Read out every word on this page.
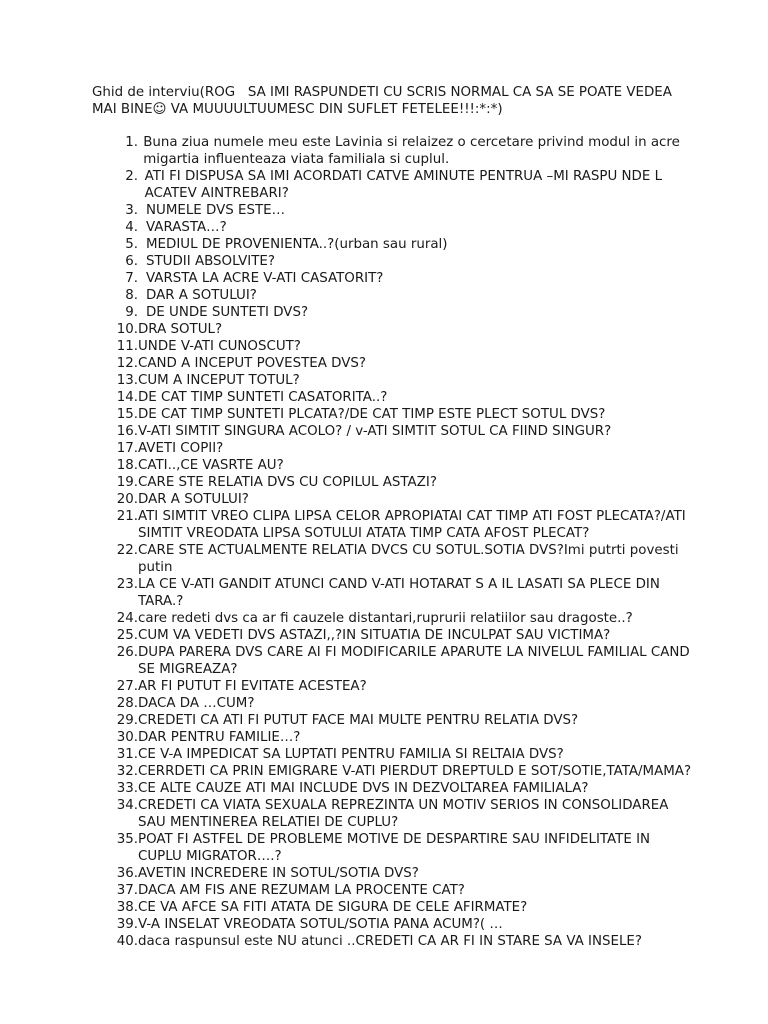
Ghid de interviu(ROG   SA IMI RASPUNDETI CU SCRIS NORMAL CA SA SE POATE VEDEA MAI BINE☺ VA MUUUULTUUMESC DIN SUFLET FETELEE!!!:*:*)

1. Buna ziua numele meu este Lavinia si relaizez o cercetare privind modul in acre migartia influenteaza viata familiala si cuplul.
2. ATI FI DISPUSA SA IMI ACORDATI CATVE AMINUTE PENTRUA –MI RASPU NDE L ACATEV AINTREBARI?
3. NUMELE DVS ESTE…
4. VARASTA…?
5. MEDIUL DE PROVENIENTA..?(urban sau rural)
6. STUDII ABSOLVITE?
7. VARSTA LA ACRE V-ATI CASATORIT?
8. DAR A SOTULUI?
9. DE UNDE SUNTETI DVS?
10. DRA SOTUL?
11. UNDE V-ATI CUNOSCUT?
12. CAND A INCEPUT POVESTEA DVS?
13. CUM A INCEPUT TOTUL?
14. DE CAT TIMP SUNTETI CASATORITA..?
15. DE CAT TIMP SUNTETI PLCATA?/DE CAT TIMP ESTE PLECT SOTUL DVS?
16. V-ATI SIMTIT SINGURA ACOLO? / v-ATI SIMTIT SOTUL CA FIIND SINGUR?
17. AVETI COPII?
18. CATI..,CE VASRTE AU?
19. CARE STE RELATIA DVS CU COPILUL ASTAZI?
20. DAR A SOTULUI?
21. ATI SIMTIT VREO CLIPA LIPSA CELOR APROPIATAI CAT TIMP ATI FOST PLECATA?/ATI SIMTIT VREODATA LIPSA SOTULUI ATATA TIMP CATA AFOST PLECAT?
22. CARE STE ACTUALMENTE RELATIA DVCS CU SOTUL.SOTIA DVS?Imi putrti povesti putin
23. LA CE V-ATI GANDIT ATUNCI CAND V-ATI HOTARAT S A IL LASATI SA PLECE DIN TARA.?
24. care redeti dvs ca ar fi cauzele distantari,ruprurii relatiilor sau dragoste..?
25. CUM VA VEDETI DVS ASTAZI,,?IN SITUATIA DE INCULPAT SAU VICTIMA?
26. DUPA PARERA DVS CARE AI FI MODIFICARILE APARUTE LA NIVELUL FAMILIAL CAND SE MIGREAZA?
27. AR FI PUTUT FI EVITATE ACESTEA?
28. DACA DA …CUM?
29. CREDETI CA ATI FI PUTUT FACE MAI MULTE PENTRU RELATIA DVS?
30. DAR PENTRU FAMILIE…?
31. CE V-A IMPEDICAT SA LUPTATI PENTRU FAMILIA SI RELTAIA DVS?
32. CERRDETI CA PRIN EMIGRARE V-ATI PIERDUT DREPTULD E SOT/SOTIE,TATA/MAMA?
33. CE ALTE CAUZE ATI MAI INCLUDE DVS IN DEZVOLTAREA FAMILIALA?
34. CREDETI CA VIATA SEXUALA REPREZINTA UN MOTIV SERIOS IN CONSOLIDAREA SAU MENTINEREA RELATIEI DE CUPLU?
35. POAT FI ASTFEL DE PROBLEME MOTIVE DE DESPARTIRE SAU INFIDELITATE IN CUPLU MIGRATOR….?
36. AVETIN INCREDERE IN SOTUL/SOTIA DVS?
37. DACA AM FIS ANE REZUMAM LA PROCENTE CAT?
38. CE VA AFCE SA FITI ATATA DE SIGURA DE CELE AFIRMATE?
39. V-A INSELAT VREODATA SOTUL/SOTIA PANA ACUM?( …
40. daca raspunsul este NU atunci ..CREDETI CA AR FI IN STARE SA VA INSELE?
